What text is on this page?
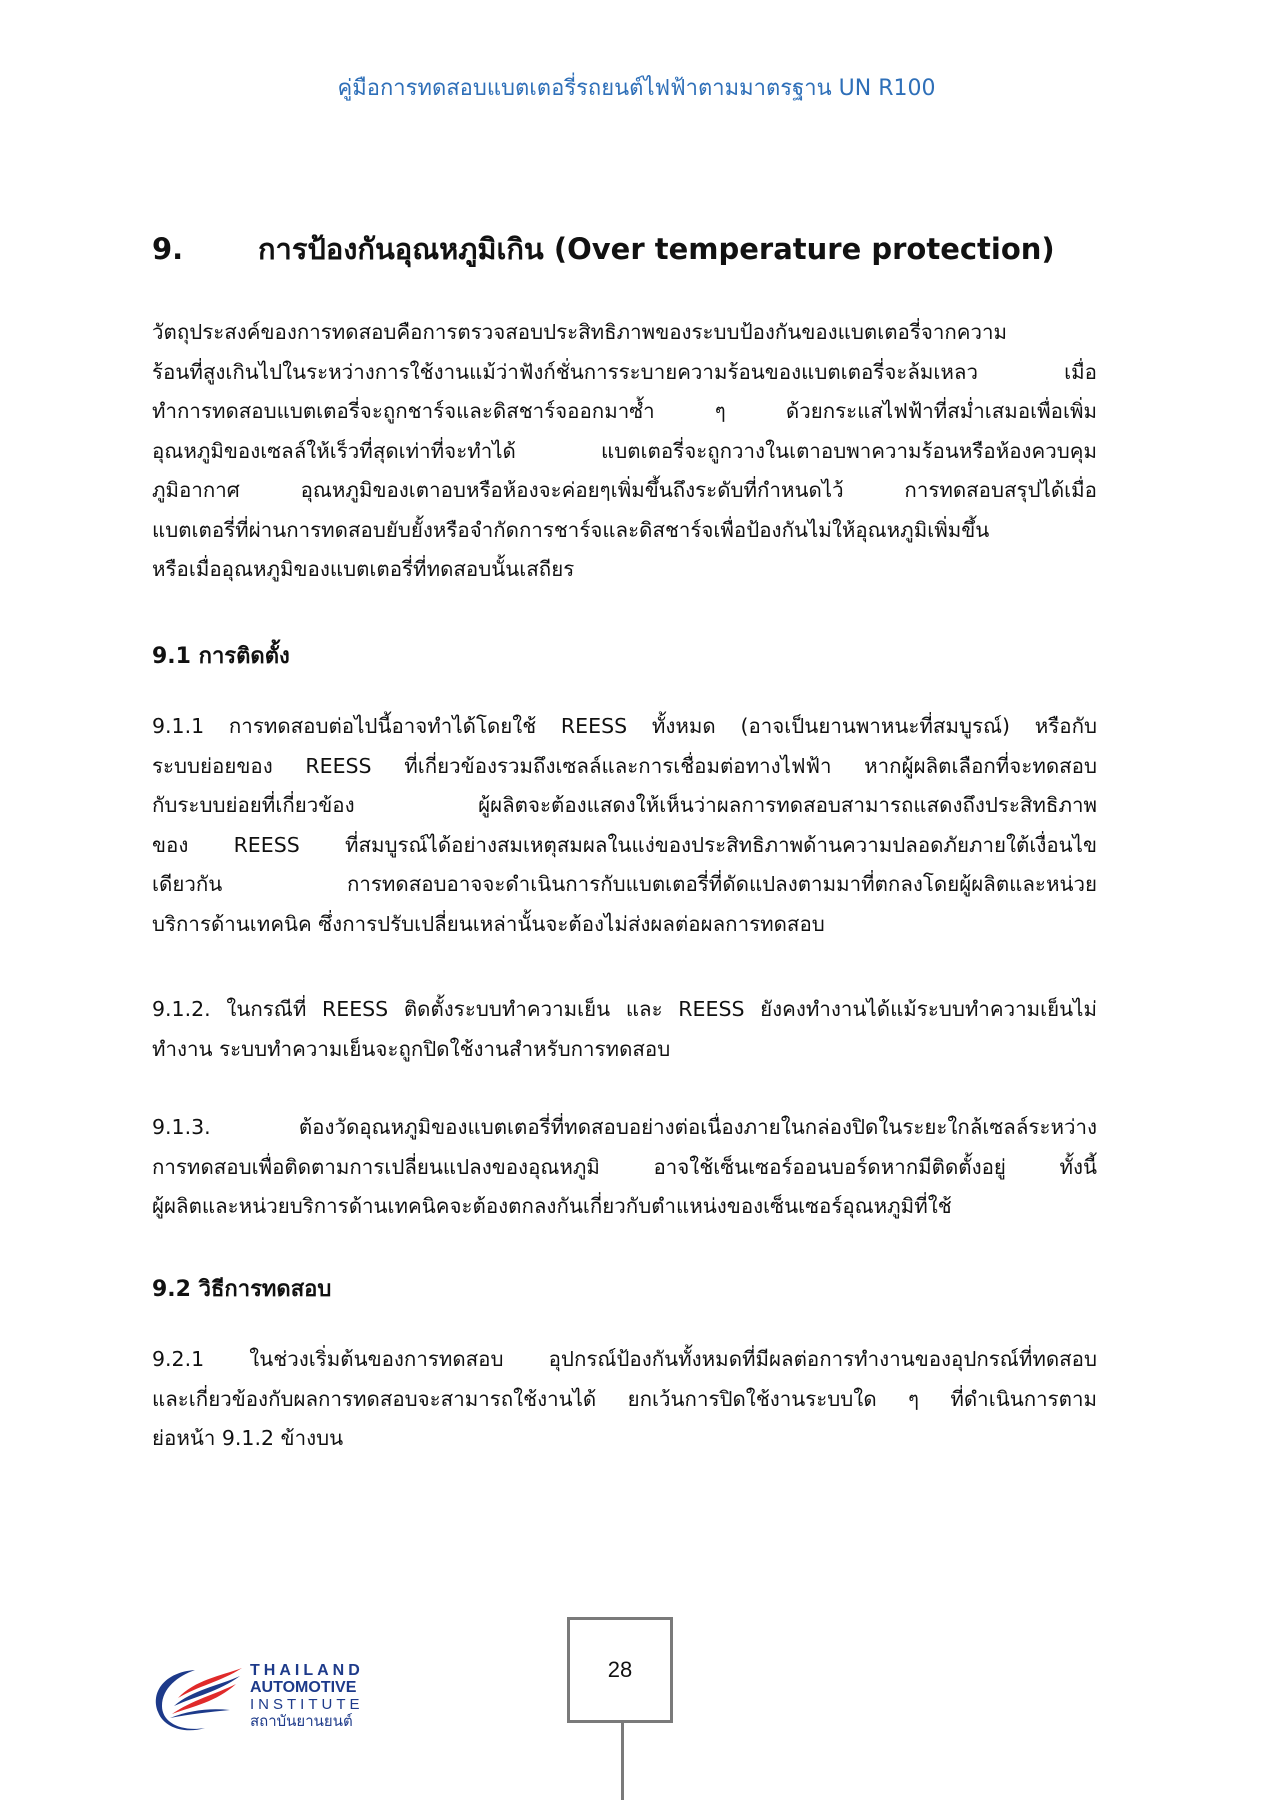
คู่มือการทดสอบแบตเตอรี่รถยนต์ไฟฟ้าตามมาตรฐาน UN R100
9.	การป้องกันอุณหภูมิเกิน (Over temperature protection)
วัตถุประสงค์ของการทดสอบคือการตรวจสอบประสิทธิภาพของระบบป้องกันของแบตเตอรี่จากความ
ร้อนที่สูงเกินไปในระหว่างการใช้งานแม้ว่าฟังก์ชั่นการระบายความร้อนของแบตเตอรี่จะล้มเหลว เมื่อ
ทำการทดสอบแบตเตอรี่จะถูกชาร์จและดิสชาร์จออกมาซ้ำ ๆ ด้วยกระแสไฟฟ้าที่สม่ำเสมอเพื่อเพิ่ม
อุณหภูมิของเซลล์ให้เร็วที่สุดเท่าที่จะทำได้ แบตเตอรี่จะถูกวางในเตาอบพาความร้อนหรือห้องควบคุม
ภูมิอากาศ อุณหภูมิของเตาอบหรือห้องจะค่อยๆเพิ่มขึ้นถึงระดับที่กำหนดไว้ การทดสอบสรุปได้เมื่อ
แบตเตอรี่ที่ผ่านการทดสอบยับยั้งหรือจำกัดการชาร์จและดิสชาร์จเพื่อป้องกันไม่ให้อุณหภูมิเพิ่มขึ้น
หรือเมื่ออุณหภูมิของแบตเตอรี่ที่ทดสอบนั้นเสถียร
9.1 การติดตั้ง
9.1.1 การทดสอบต่อไปนี้อาจทำได้โดยใช้ REESS ทั้งหมด (อาจเป็นยานพาหนะที่สมบูรณ์) หรือกับ
ระบบย่อยของ REESS ที่เกี่ยวข้องรวมถึงเซลล์และการเชื่อมต่อทางไฟฟ้า หากผู้ผลิตเลือกที่จะทดสอบ
กับระบบย่อยที่เกี่ยวข้อง ผู้ผลิตจะต้องแสดงให้เห็นว่าผลการทดสอบสามารถแสดงถึงประสิทธิภาพ
ของ REESS ที่สมบูรณ์ได้อย่างสมเหตุสมผลในแง่ของประสิทธิภาพด้านความปลอดภัยภายใต้เงื่อนไข
เดียวกัน การทดสอบอาจจะดำเนินการกับแบตเตอรี่ที่ดัดแปลงตามมาที่ตกลงโดยผู้ผลิตและหน่วย
บริการด้านเทคนิค ซึ่งการปรับเปลี่ยนเหล่านั้นจะต้องไม่ส่งผลต่อผลการทดสอบ
9.1.2. ในกรณีที่ REESS ติดตั้งระบบทำความเย็น และ REESS ยังคงทำงานได้แม้ระบบทำความเย็นไม่
ทำงาน ระบบทำความเย็นจะถูกปิดใช้งานสำหรับการทดสอบ
9.1.3. ต้องวัดอุณหภูมิของแบตเตอรี่ที่ทดสอบอย่างต่อเนื่องภายในกล่องปิดในระยะใกล้เซลล์ระหว่าง
การทดสอบเพื่อติดตามการเปลี่ยนแปลงของอุณหภูมิ อาจใช้เซ็นเซอร์ออนบอร์ดหากมีติดตั้งอยู่ ทั้งนี้
ผู้ผลิตและหน่วยบริการด้านเทคนิคจะต้องตกลงกันเกี่ยวกับตำแหน่งของเซ็นเซอร์อุณหภูมิที่ใช้
9.2 วิธีการทดสอบ
9.2.1 ในช่วงเริ่มต้นของการทดสอบ อุปกรณ์ป้องกันทั้งหมดที่มีผลต่อการทำงานของอุปกรณ์ที่ทดสอบ
และเกี่ยวข้องกับผลการทดสอบจะสามารถใช้งานได้ ยกเว้นการปิดใช้งานระบบใด ๆ ที่ดำเนินการตาม
ย่อหน้า 9.1.2 ข้างบน
THAILAND
AUTOMOTIVE
INSTITUTE
สถาบันยานยนต์
28
